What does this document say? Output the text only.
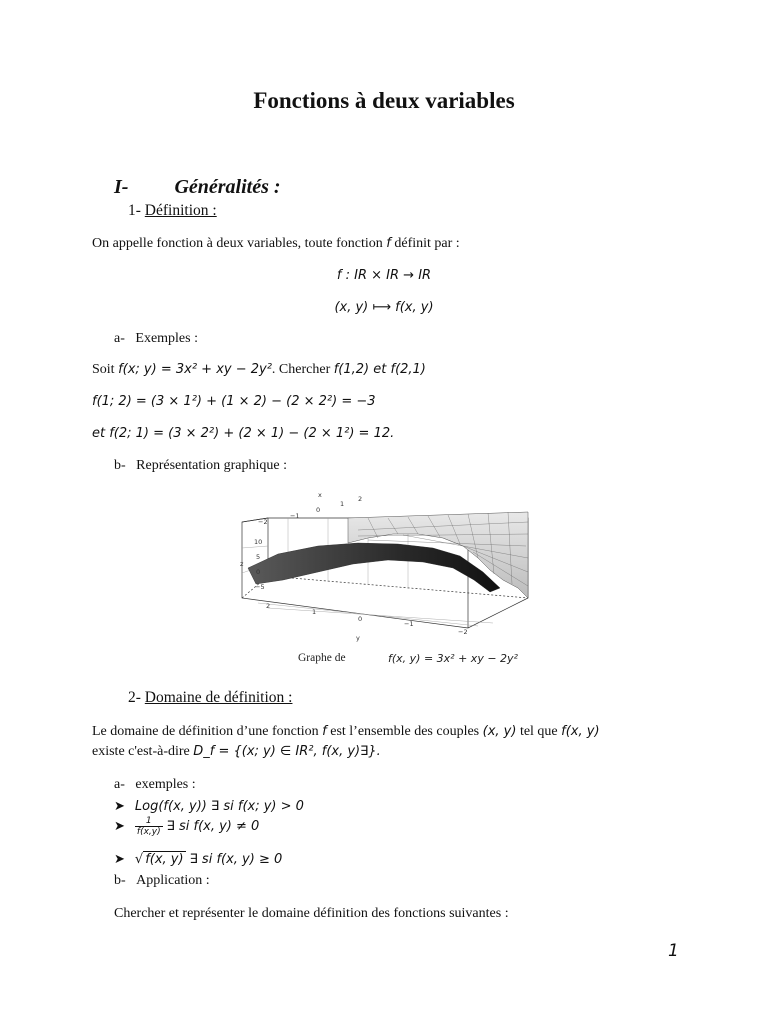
Fonctions à deux variables
I- Généralités :
1- Définition :
On appelle fonction à deux variables, toute fonction f définit par :
f : IR × IR → IR
(x, y) ⟼ f(x, y)
a- Exemples :
Soit f(x; y) = 3x² + xy − 2y². Chercher f(1,2) et f(2,1)
f(1; 2) = (3 × 1²) + (1 × 2) − (2 × 2²) = −3
et f(2; 1) = (3 × 2²) + (2 × 1) − (2 × 1²) = 12.
b- Représentation graphique :
x
y
z
−2
−1
0
1
2
10
5
0
−5
2
1
0
−1
−2
Graphe de	f(x, y) = 3x² + xy − 2y²
2- Domaine de définition :
Le domaine de définition d’une fonction f est l’ensemble des couples (x, y) tel que f(x, y)
existe c'est-à-dire D_f = {(x; y) ∈ IR², f(x, y)∃}.
a- exemples :
➤ Log(f(x, y)) ∃ si f(x; y) > 0
➤ $\frac{1}{f(x,y)}$ ∃ si f(x, y) ≠ 0
➤ √ f(x, y) ∃ si f(x, y) ≥ 0
b- Application :
Chercher et représenter le domaine définition des fonctions suivantes :
1
